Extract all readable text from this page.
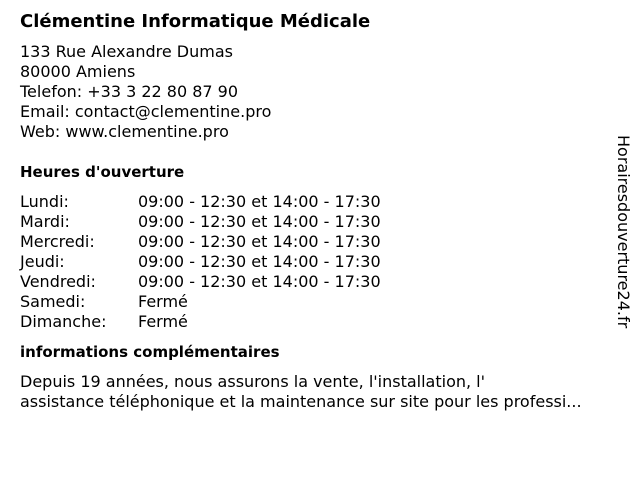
Clémentine Informatique Médicale
133 Rue Alexandre Dumas
80000 Amiens
Telefon: +33 3 22 80 87 90
Email: contact@clementine.pro
Web: www.clementine.pro
Heures d'ouverture
Lundi:	09:00 - 12:30 et 14:00 - 17:30
Mardi:	09:00 - 12:30 et 14:00 - 17:30
Mercredi:	09:00 - 12:30 et 14:00 - 17:30
Jeudi:	09:00 - 12:30 et 14:00 - 17:30
Vendredi:	09:00 - 12:30 et 14:00 - 17:30
Samedi:	Fermé
Dimanche:	Fermé
informations complémentaires
Depuis 19 années, nous assurons la vente, l'installation, l'
assistance téléphonique et la maintenance sur site pour les professi...
Horairesdouverture24.fr
